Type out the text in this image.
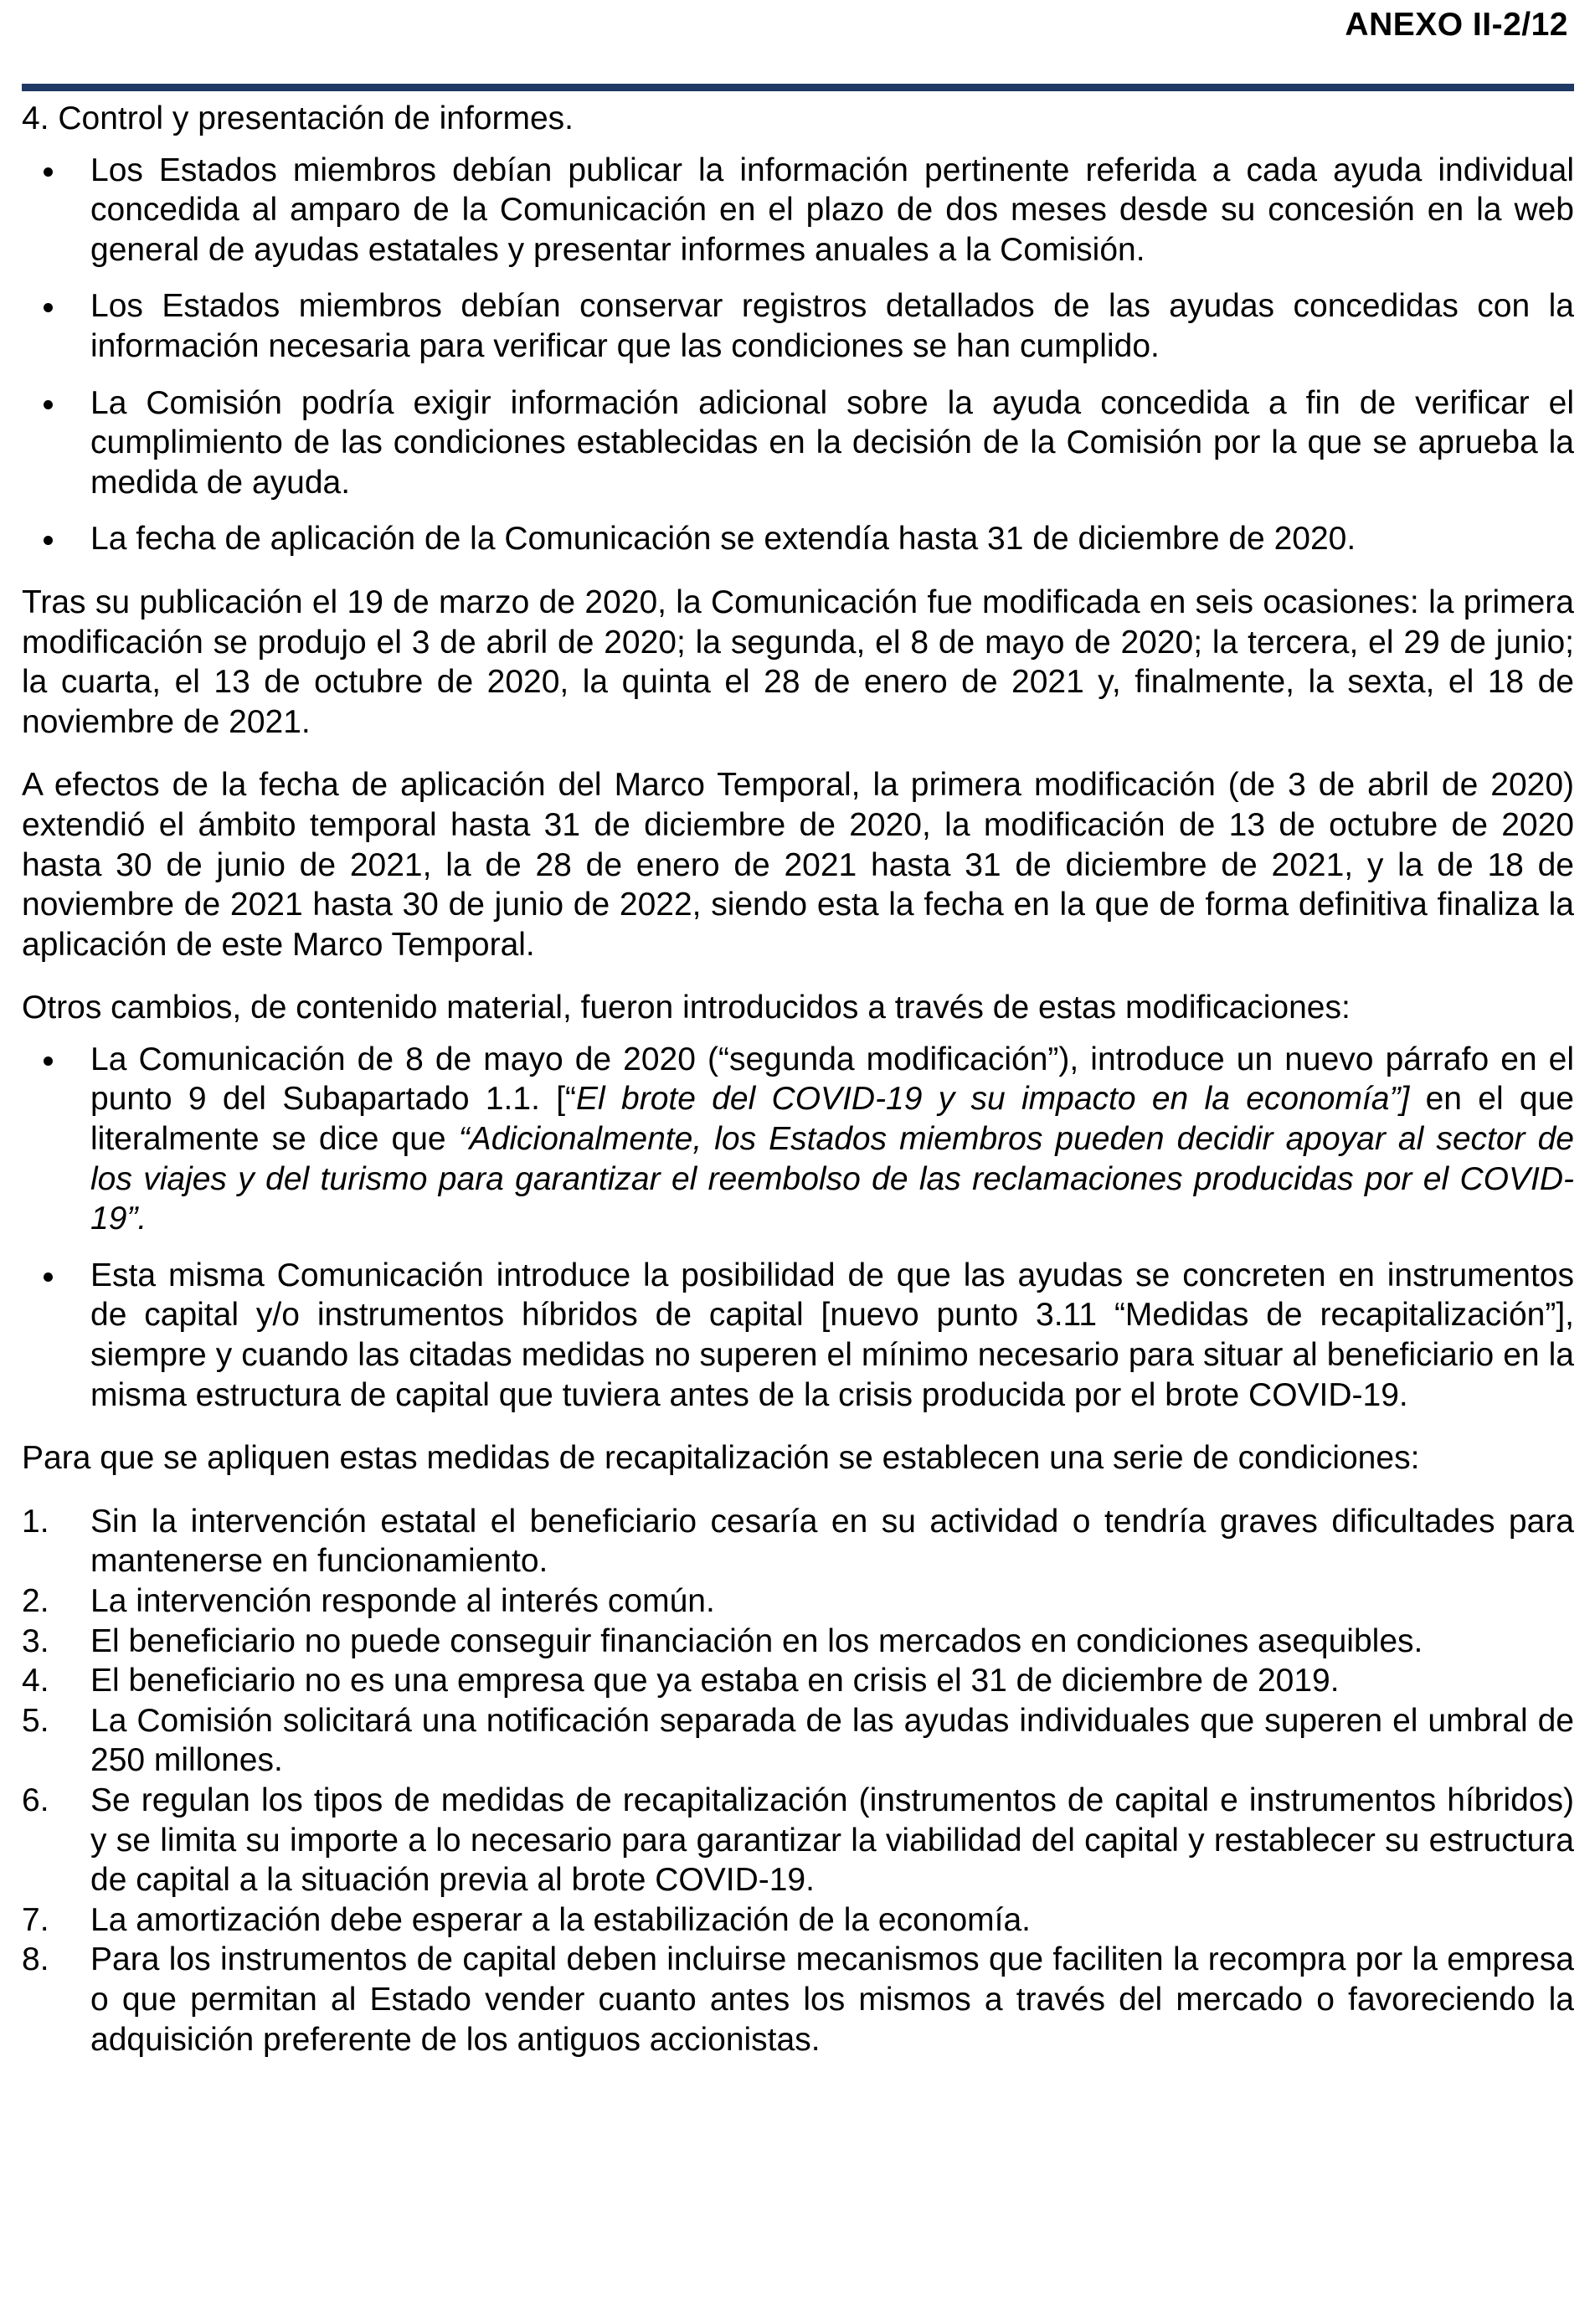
ANEXO II-2/12

4. Control y presentación de informes.

Los Estados miembros debían publicar la información pertinente referida a cada ayuda individual concedida al amparo de la Comunicación en el plazo de dos meses desde su concesión en la web general de ayudas estatales y presentar informes anuales a la Comisión.
Los Estados miembros debían conservar registros detallados de las ayudas concedidas con la información necesaria para verificar que las condiciones se han cumplido.
La Comisión podría exigir información adicional sobre la ayuda concedida a fin de verificar el cumplimiento de las condiciones establecidas en la decisión de la Comisión por la que se aprueba la medida de ayuda.
La fecha de aplicación de la Comunicación se extendía hasta 31 de diciembre de 2020.

Tras su publicación el 19 de marzo de 2020, la Comunicación fue modificada en seis ocasiones: la primera modificación se produjo el 3 de abril de 2020; la segunda, el 8 de mayo de 2020; la tercera, el 29 de junio; la cuarta, el 13 de octubre de 2020, la quinta el 28 de enero de 2021 y, finalmente, la sexta, el 18 de noviembre de 2021.

A efectos de la fecha de aplicación del Marco Temporal, la primera modificación (de 3 de abril de 2020) extendió el ámbito temporal hasta 31 de diciembre de 2020, la modificación de 13 de octubre de 2020 hasta 30 de junio de 2021, la de 28 de enero de 2021 hasta 31 de diciembre de 2021, y la de 18 de noviembre de 2021 hasta 30 de junio de 2022, siendo esta la fecha en la que de forma definitiva finaliza la aplicación de este Marco Temporal.

Otros cambios, de contenido material, fueron introducidos a través de estas modificaciones:

La Comunicación de 8 de mayo de 2020 (“segunda modificación”), introduce un nuevo párrafo en el punto 9 del Subapartado 1.1. [“El brote del COVID-19 y su impacto en la economía”] en el que literalmente se dice que “Adicionalmente, los Estados miembros pueden decidir apoyar al sector de los viajes y del turismo para garantizar el reembolso de las reclamaciones producidas por el COVID-19”.
Esta misma Comunicación introduce la posibilidad de que las ayudas se concreten en instrumentos de capital y/o instrumentos híbridos de capital [nuevo punto 3.11 “Medidas de recapitalización”], siempre y cuando las citadas medidas no superen el mínimo necesario para situar al beneficiario en la misma estructura de capital que tuviera antes de la crisis producida por el brote COVID-19.

Para que se apliquen estas medidas de recapitalización se establecen una serie de condiciones:

1. Sin la intervención estatal el beneficiario cesaría en su actividad o tendría graves dificultades para mantenerse en funcionamiento.
2. La intervención responde al interés común.
3. El beneficiario no puede conseguir financiación en los mercados en condiciones asequibles.
4. El beneficiario no es una empresa que ya estaba en crisis el 31 de diciembre de 2019.
5. La Comisión solicitará una notificación separada de las ayudas individuales que superen el umbral de 250 millones.
6. Se regulan los tipos de medidas de recapitalización (instrumentos de capital e instrumentos híbridos) y se limita su importe a lo necesario para garantizar la viabilidad del capital y restablecer su estructura de capital a la situación previa al brote COVID-19.
7. La amortización debe esperar a la estabilización de la economía.
8. Para los instrumentos de capital deben incluirse mecanismos que faciliten la recompra por la empresa o que permitan al Estado vender cuanto antes los mismos a través del mercado o favoreciendo la adquisición preferente de los antiguos accionistas.
